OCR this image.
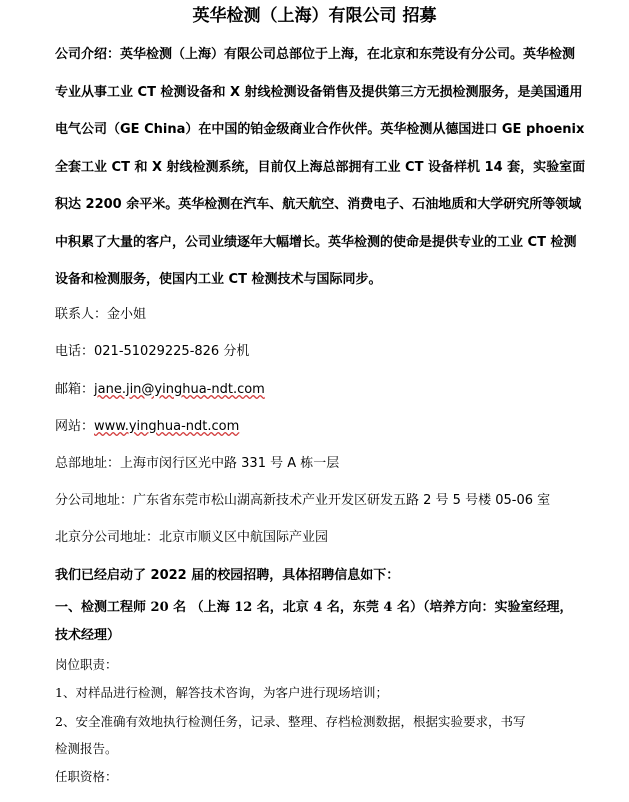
英华检测（上海）有限公司 招募
公司介绍：英华检测（上海）有限公司总部位于上海，在北京和东莞设有分公司。英华检测
专业从事工业 CT 检测设备和 X 射线检测设备销售及提供第三方无损检测服务，是美国通用
电气公司（GE China）在中国的铂金级商业合作伙伴。英华检测从德国进口 GE phoenix
全套工业 CT 和 X 射线检测系统，目前仅上海总部拥有工业 CT 设备样机 14 套，实验室面
积达 2200 余平米。英华检测在汽车、航天航空、消费电子、石油地质和大学研究所等领域
中积累了大量的客户，公司业绩逐年大幅增长。英华检测的使命是提供专业的工业 CT 检测
设备和检测服务，使国内工业 CT 检测技术与国际同步。
联系人：金小姐
电话：021-51029225-826 分机
邮箱：jane.jin@yinghua-ndt.com
网站：www.yinghua-ndt.com
总部地址：上海市闵行区光中路 331 号 A 栋一层
分公司地址：广东省东莞市松山湖高新技术产业开发区研发五路 2 号 5 号楼 05-06 室
北京分公司地址：北京市顺义区中航国际产业园
我们已经启动了 2022 届的校园招聘，具体招聘信息如下：
一、检测工程师 20 名 （上海 12 名，北京 4 名，东莞 4 名）（培养方向：实验室经理，
技术经理）
岗位职责：
1、对样品进行检测，解答技术咨询，为客户进行现场培训；
2、安全准确有效地执行检测任务，记录、整理、存档检测数据，根据实验要求，书写
检测报告。
任职资格：
